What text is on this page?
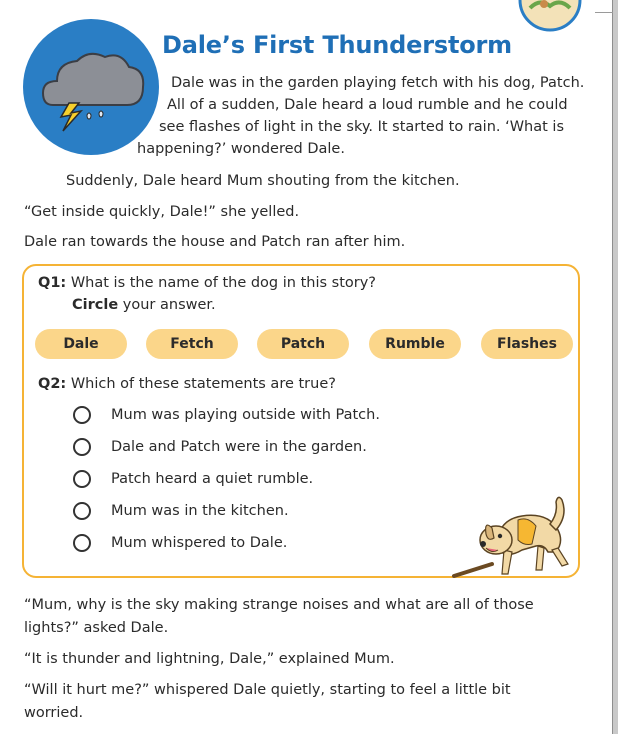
Dale’s First Thunderstorm
Dale was in the garden playing fetch with his dog, Patch.
All of a sudden, Dale heard a loud rumble and he could
see flashes of light in the sky. It started to rain. ‘What is
happening?’ wondered Dale.
Suddenly, Dale heard Mum shouting from the kitchen.
“Get inside quickly, Dale!” she yelled.
Dale ran towards the house and Patch ran after him.
Q1: What is the name of the dog in this story?
Circle your answer.
Dale	Fetch	Patch	Rumble	Flashes
Q2: Which of these statements are true?
Mum was playing outside with Patch.
Dale and Patch were in the garden.
Patch heard a quiet rumble.
Mum was in the kitchen.
Mum whispered to Dale.
“Mum, why is the sky making strange noises and what are all of those
lights?” asked Dale.
“It is thunder and lightning, Dale,” explained Mum.
“Will it hurt me?” whispered Dale quietly, starting to feel a little bit
worried.
